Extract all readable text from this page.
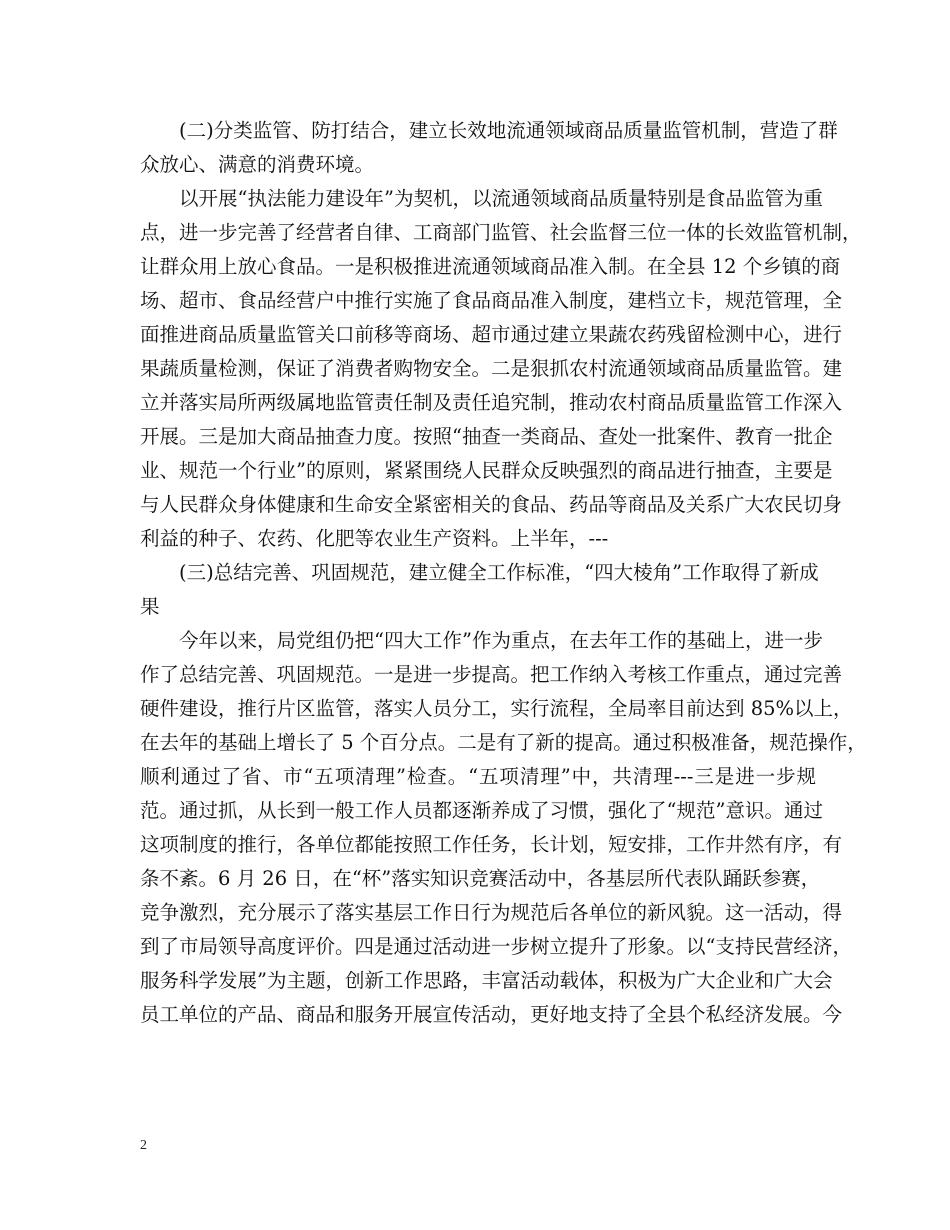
(二)分类监管、防打结合，建立长效地流通领域商品质量监管机制，营造了群
众放心、满意的消费环境。
以开展“执法能力建设年”为契机，以流通领域商品质量特别是食品监管为重
点，进一步完善了经营者自律、工商部门监管、社会监督三位一体的长效监管机制，
让群众用上放心食品。一是积极推进流通领域商品准入制。在全县 12 个乡镇的商
场、超市、食品经营户中推行实施了食品商品准入制度，建档立卡，规范管理，全
面推进商品质量监管关口前移等商场、超市通过建立果蔬农药残留检测中心，进行
果蔬质量检测，保证了消费者购物安全。二是狠抓农村流通领域商品质量监管。建
立并落实局所两级属地监管责任制及责任追究制，推动农村商品质量监管工作深入
开展。三是加大商品抽查力度。按照“抽查一类商品、查处一批案件、教育一批企
业、规范一个行业”的原则，紧紧围绕人民群众反映强烈的商品进行抽查，主要是
与人民群众身体健康和生命安全紧密相关的食品、药品等商品及关系广大农民切身
利益的种子、农药、化肥等农业生产资料。上半年，---
(三)总结完善、巩固规范，建立健全工作标准，“四大棱角”工作取得了新成
果
今年以来，局党组仍把“四大工作”作为重点，在去年工作的基础上，进一步
作了总结完善、巩固规范。一是进一步提高。把工作纳入考核工作重点，通过完善
硬件建设，推行片区监管，落实人员分工，实行流程，全局率目前达到 85%以上，
在去年的基础上增长了 5 个百分点。二是有了新的提高。通过积极准备，规范操作，
顺利通过了省、市“五项清理”检查。“五项清理”中，共清理---三是进一步规
范。通过抓，从长到一般工作人员都逐渐养成了习惯，强化了“规范”意识。通过
这项制度的推行，各单位都能按照工作任务，长计划，短安排，工作井然有序，有
条不紊。6 月 26 日，在“杯”落实知识竞赛活动中，各基层所代表队踊跃参赛，
竞争激烈，充分展示了落实基层工作日行为规范后各单位的新风貌。这一活动，得
到了市局领导高度评价。四是通过活动进一步树立提升了形象。以“支持民营经济，
服务科学发展”为主题，创新工作思路，丰富活动载体，积极为广大企业和广大会
员工单位的产品、商品和服务开展宣传活动，更好地支持了全县个私经济发展。今
2
